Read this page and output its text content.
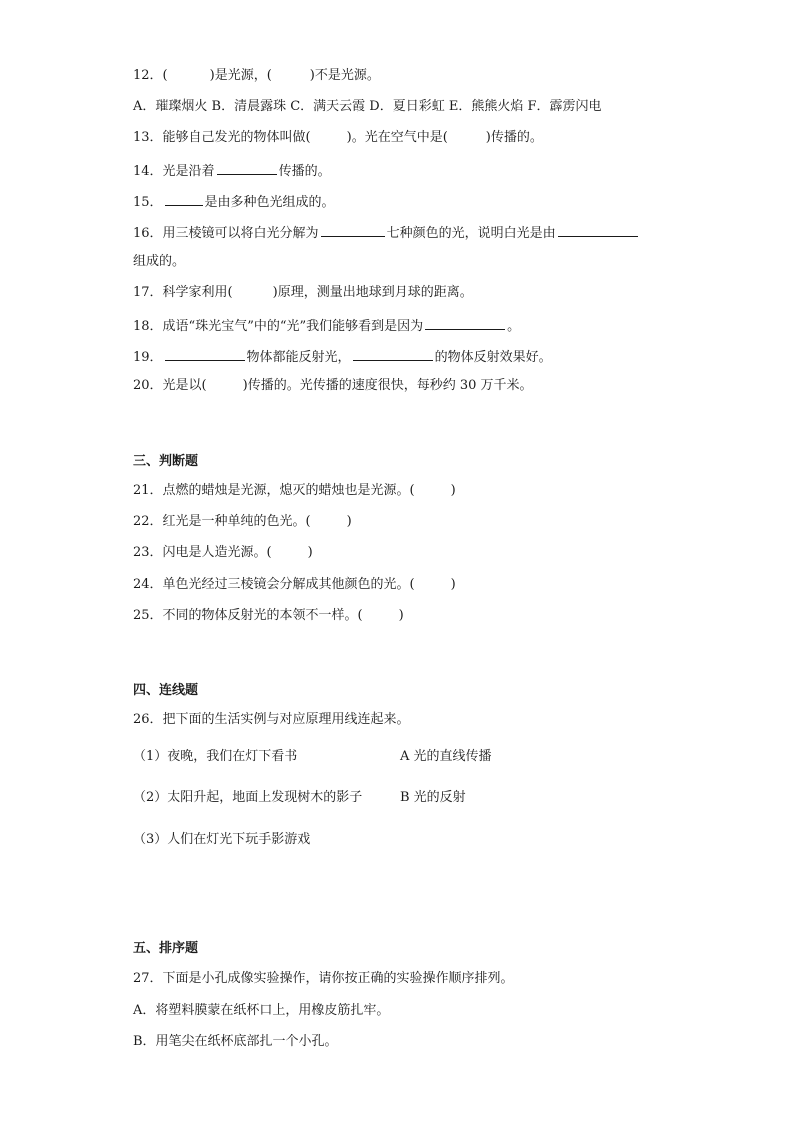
12．(	)是光源，(	)不是光源。
A．璀璨烟火 B．清晨露珠 C．满天云霞 D．夏日彩虹 E．熊熊火焰 F．霹雳闪电
13．能够自己发光的物体叫做(	)。光在空气中是(	)传播的。
14．光是沿着	传播的。
15．	是由多种色光组成的。
16．用三棱镜可以将白光分解为	七种颜色的光，说明白光是由
组成的。
17．科学家利用(	)原理，测量出地球到月球的距离。
18．成语“珠光宝气”中的“光”我们能够看到是因为	。
19．	物体都能反射光，	的物体反射效果好。
20．光是以(	)传播的。光传播的速度很快，每秒约 30 万千米。
三、判断题
21．点燃的蜡烛是光源，熄灭的蜡烛也是光源。(	)
22．红光是一种单纯的色光。(	)
23．闪电是人造光源。(	)
24．单色光经过三棱镜会分解成其他颜色的光。(	)
25．不同的物体反射光的本领不一样。(	)
四、连线题
26．把下面的生活实例与对应原理用线连起来。
（1）夜晚，我们在灯下看书	A 光的直线传播
（2）太阳升起，地面上发现树木的影子	B 光的反射
（3）人们在灯光下玩手影游戏
五、排序题
27．下面是小孔成像实验操作，请你按正确的实验操作顺序排列。
A．将塑料膜蒙在纸杯口上，用橡皮筋扎牢。
B．用笔尖在纸杯底部扎一个小孔。
